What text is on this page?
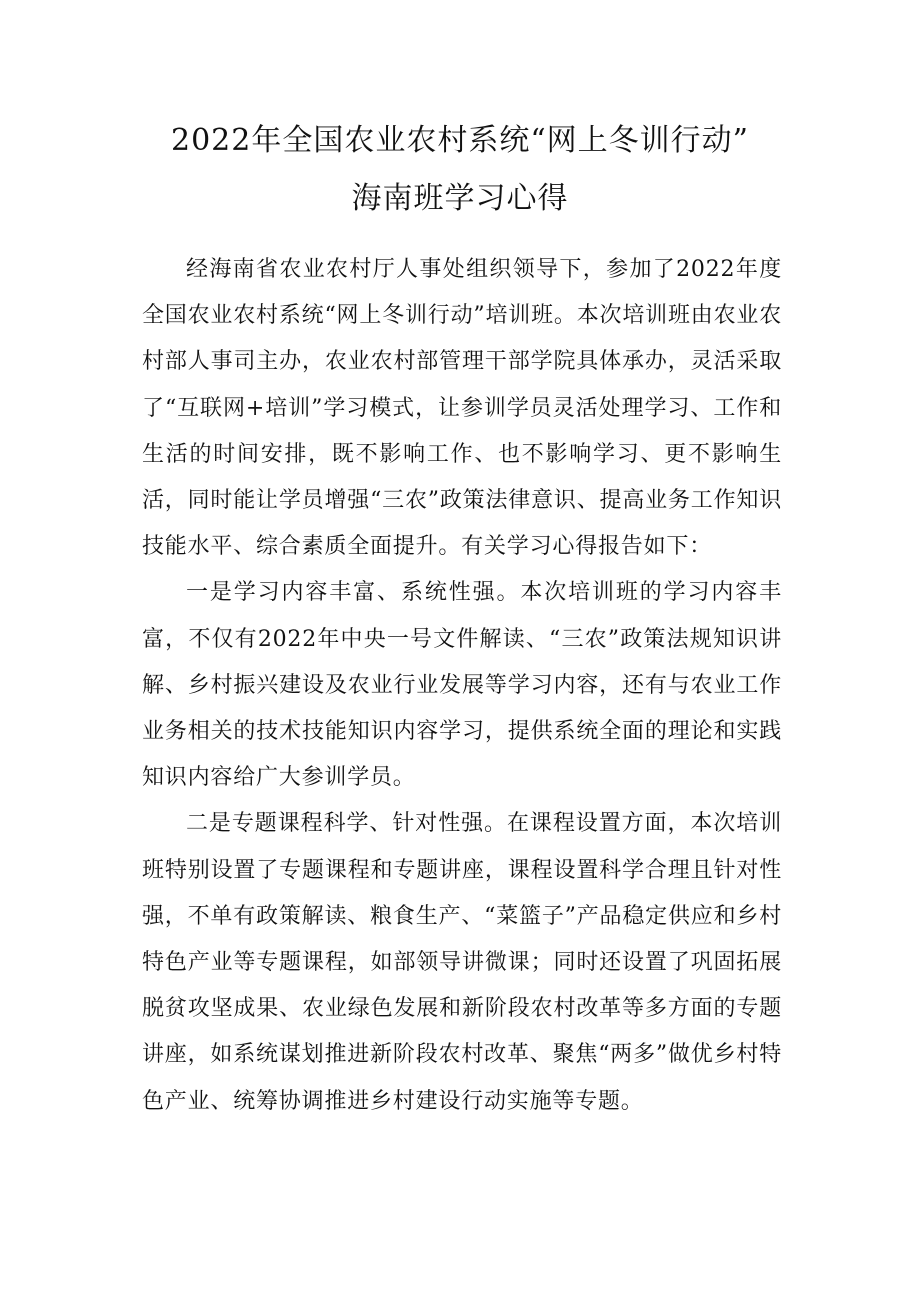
2022年全国农业农村系统“网上冬训行动”
海南班学习心得

经海南省农业农村厅人事处组织领导下，参加了2022年度全国农业农村系统“网上冬训行动”培训班。本次培训班由农业农村部人事司主办，农业农村部管理干部学院具体承办，灵活采取了“互联网+培训”学习模式，让参训学员灵活处理学习、工作和生活的时间安排，既不影响工作、也不影响学习、更不影响生活，同时能让学员增强“三农”政策法律意识、提高业务工作知识技能水平、综合素质全面提升。有关学习心得报告如下：

一是学习内容丰富、系统性强。本次培训班的学习内容丰富，不仅有2022年中央一号文件解读、“三农”政策法规知识讲解、乡村振兴建设及农业行业发展等学习内容，还有与农业工作业务相关的技术技能知识内容学习，提供系统全面的理论和实践知识内容给广大参训学员。

二是专题课程科学、针对性强。在课程设置方面，本次培训班特别设置了专题课程和专题讲座，课程设置科学合理且针对性强，不单有政策解读、粮食生产、“菜篮子”产品稳定供应和乡村特色产业等专题课程，如部领导讲微课；同时还设置了巩固拓展脱贫攻坚成果、农业绿色发展和新阶段农村改革等多方面的专题讲座，如系统谋划推进新阶段农村改革、聚焦“两多”做优乡村特色产业、统筹协调推进乡村建设行动实施等专题。
